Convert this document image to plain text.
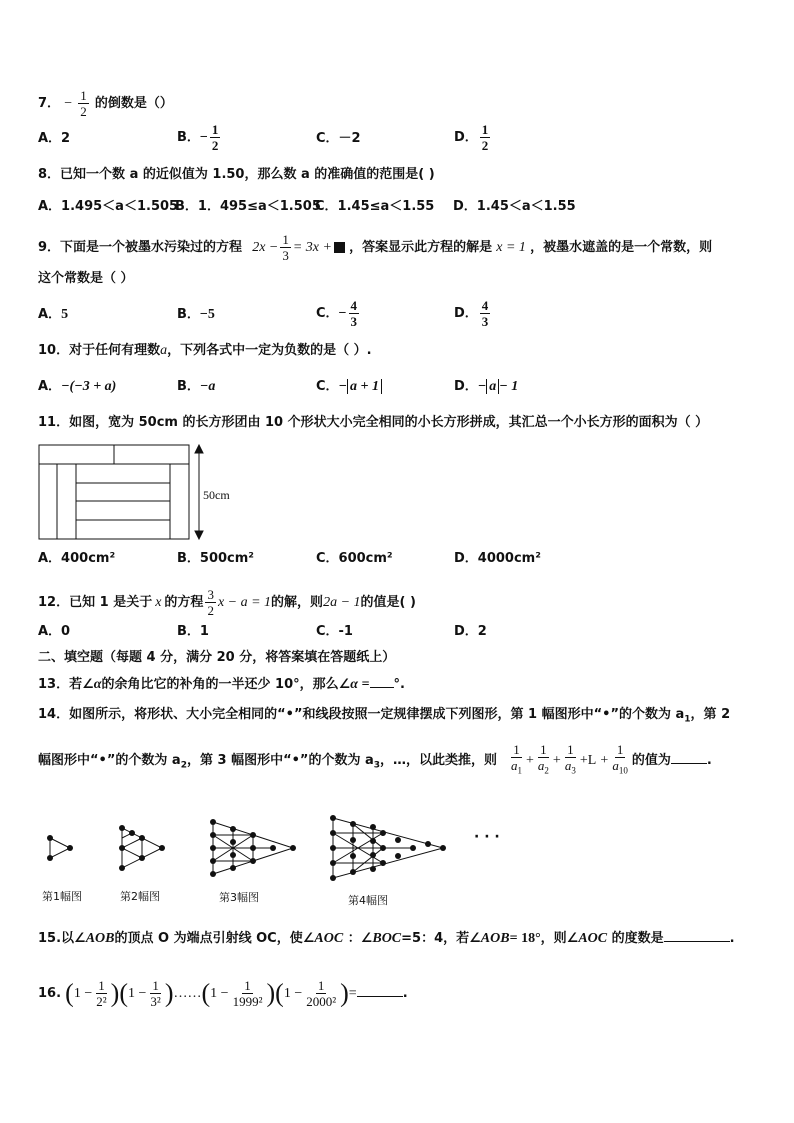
7． − $\frac{1}{2}$ 的倒数是（）
A．2	B．− $\frac{1}{2}$	C．－2	D． $\frac{1}{2}$
8．已知一个数 a 的近似值为 1.50，那么数 a 的准确值的范围是( )
A．1.495＜a＜1.505
B．1．495≤a＜1.505
C．1.45≤a＜1.55 D．1.45＜a＜1.55
9．下面是一个被墨水污染过的方程 $2x - \frac{1}{3} = 3x$ + ，答案显示此方程的解是 x = 1 ，被墨水遮盖的是一个常数，则
这个常数是（ ）
A．5	B．−5	C．− $\frac{4}{3}$	D． $\frac{4}{3}$
10．对于任何有理数a，下列各式中一定为负数的是（ ）.
A．−(−3 + a)	B．−a	C．− a + 1	D．− a − 1
11．如图，宽为 50cm 的长方形团由 10 个形状大小完全相同的小长方形拼成，其汇总一个小长方形的面积为（ ）
50cm
A．400cm²	B．500cm²	C．600cm²	D．4000cm²
12．已知 1 是关于 x 的方程 $\frac{3}{2}$ x − a = 1的解，则2a − 1的值是( )
A．0	B．1	C．-1	D．2
二、填空题（每题 4 分，满分 20 分，将答案填在答题纸上）
13．若∠α的余角比它的补角的一半还少 10°，那么∠α = °.
14．如图所示，将形状、大小完全相同的“•”和线段按照一定规律摆成下列图形，第 1 幅图形中“•”的个数为 $a_1$，第 2
幅图形中“•”的个数为 $a_2$，第 3 幅图形中“•”的个数为 $a_3$，…，以此类推，则 $\frac{1}{a_1} + \frac{1}{a_2} + \frac{1}{a_3} +L + \frac{1}{a_{10}}$ 的值为	.
第1幅图	第2幅图	第3幅图	第4幅图
· · ·
15.以∠AOB的顶点 O 为端点引射线 OC，使∠AOC ：∠BOC=5：4，若∠AOB= 18°，则∠AOC 的度数是	.
16. $(1 - \frac{1}{\text{2²}} )(1 - \frac{1}{\text{3²}}$ )……(1 − $\frac{1}{\text{1999²}} )(1 - \frac{1}{\text{2000²}}$ )=	.
